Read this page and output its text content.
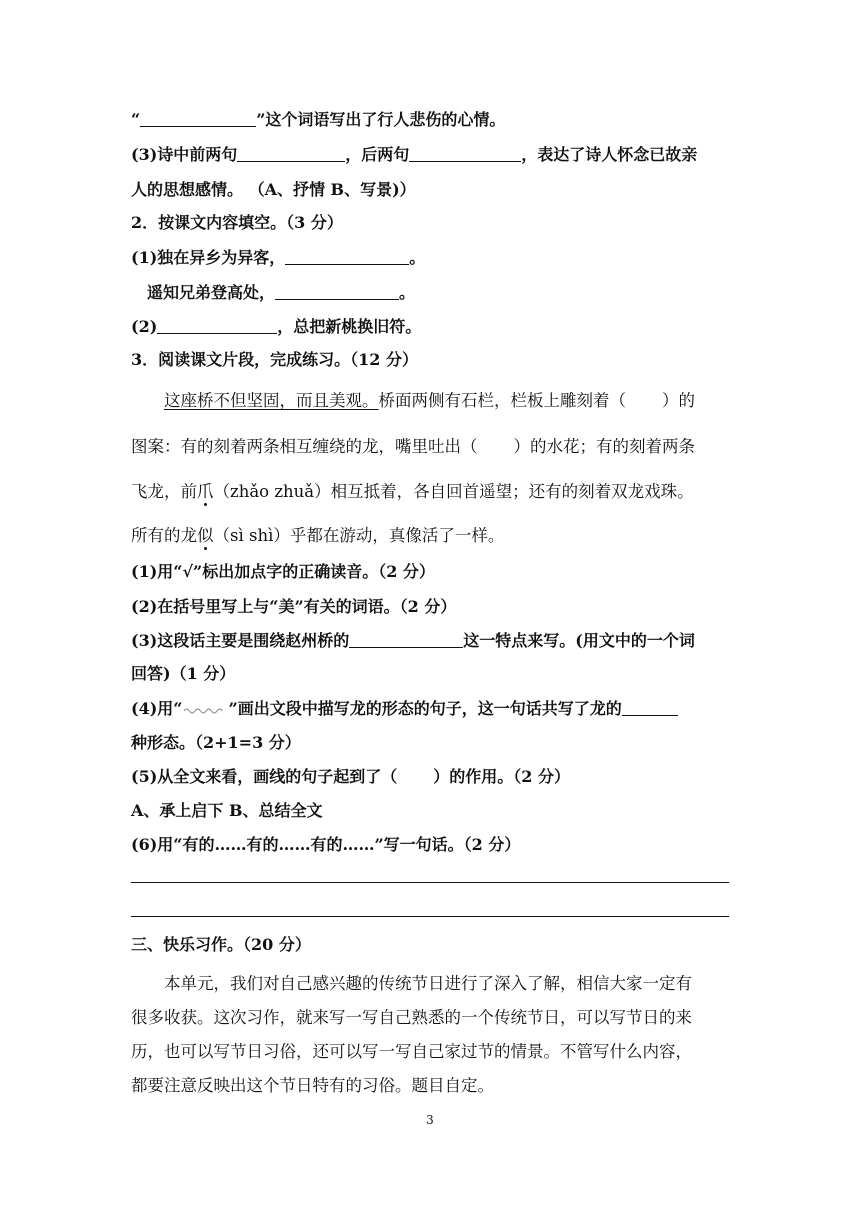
“	”这个词语写出了行人悲伤的心情。
(3)诗中前两句	，后两句	，表达了诗人怀念已故亲
人的思想感情。 （A、抒情 B、写景)）
2．按课文内容填空。（3 分）
(1)独在异乡为异客，	。
遥知兄弟登高处，	。
(2)	，总把新桃换旧符。
3．阅读课文片段，完成练习。（12 分）
这座桥不但坚固，而且美观。桥面两侧有石栏，栏板上雕刻着（ ）的
图案：有的刻着两条相互缠绕的龙，嘴里吐出（ ）的水花；有的刻着两条
飞龙，前爪（zhǎo zhuǎ）相互抵着，各自回首遥望；还有的刻着双龙戏珠。
所有的龙似（sì shì）乎都在游动，真像活了一样。
(1)用“√”标出加点字的正确读音。（2 分）
(2)在括号里写上与“美”有关的词语。（2 分）
(3)这段话主要是围绕赵州桥的	这一特点来写。(用文中的一个词
回答)（1 分）
(4)用“	”画出文段中描写龙的形态的句子，这一句话共写了龙的
种形态。（2+1=3 分）
(5)从全文来看，画线的句子起到了（ ）的作用。（2 分）
A、承上启下 B、总结全文
(6)用“有的……有的……有的……”写一句话。（2 分）
三、快乐习作。（20 分）
本单元，我们对自己感兴趣的传统节日进行了深入了解，相信大家一定有
很多收获。这次习作，就来写一写自己熟悉的一个传统节日，可以写节日的来
历，也可以写节日习俗，还可以写一写自己家过节的情景。不管写什么内容，
都要注意反映出这个节日特有的习俗。题目自定。
3
